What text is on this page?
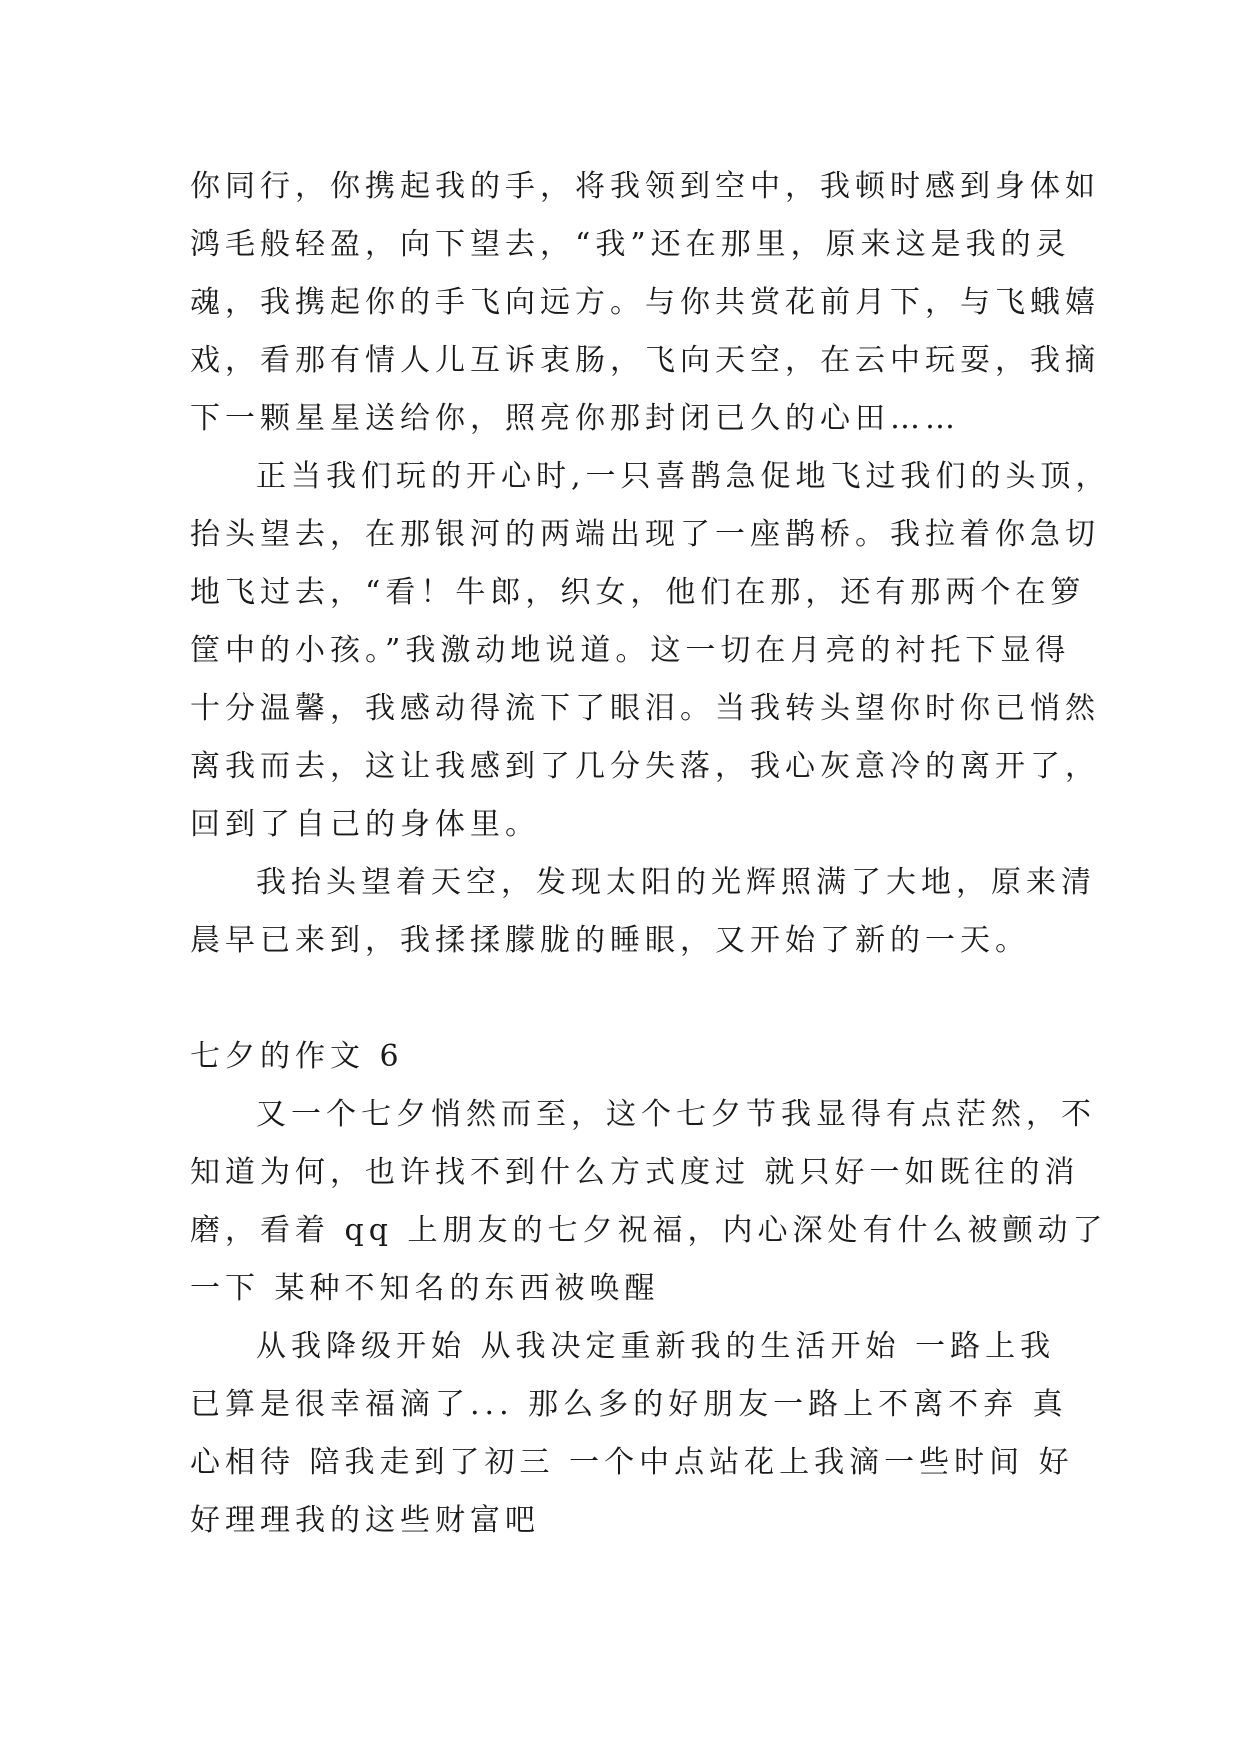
你同行，你携起我的手，将我领到空中，我顿时感到身体如
鸿毛般轻盈，向下望去，“我”还在那里，原来这是我的灵
魂，我携起你的手飞向远方。与你共赏花前月下，与飞蛾嬉
戏，看那有情人儿互诉衷肠，飞向天空，在云中玩耍，我摘
下一颗星星送给你，照亮你那封闭已久的心田……
正当我们玩的开心时,一只喜鹊急促地飞过我们的头顶，
抬头望去，在那银河的两端出现了一座鹊桥。我拉着你急切
地飞过去，“看！牛郎，织女，他们在那，还有那两个在箩
筐中的小孩。”我激动地说道。这一切在月亮的衬托下显得
十分温馨，我感动得流下了眼泪。当我转头望你时你已悄然
离我而去，这让我感到了几分失落，我心灰意冷的离开了，
回到了自己的身体里。
我抬头望着天空，发现太阳的光辉照满了大地，原来清
晨早已来到，我揉揉朦胧的睡眼，又开始了新的一天。
七夕的作文 6
又一个七夕悄然而至，这个七夕节我显得有点茫然，不
知道为何，也许找不到什么方式度过 就只好一如既往的消
磨，看着 qq 上朋友的七夕祝福，内心深处有什么被颤动了
一下 某种不知名的东西被唤醒
从我降级开始 从我决定重新我的生活开始 一路上我
已算是很幸福滴了... 那么多的好朋友一路上不离不弃 真
心相待 陪我走到了初三 一个中点站花上我滴一些时间 好
好理理我的这些财富吧
